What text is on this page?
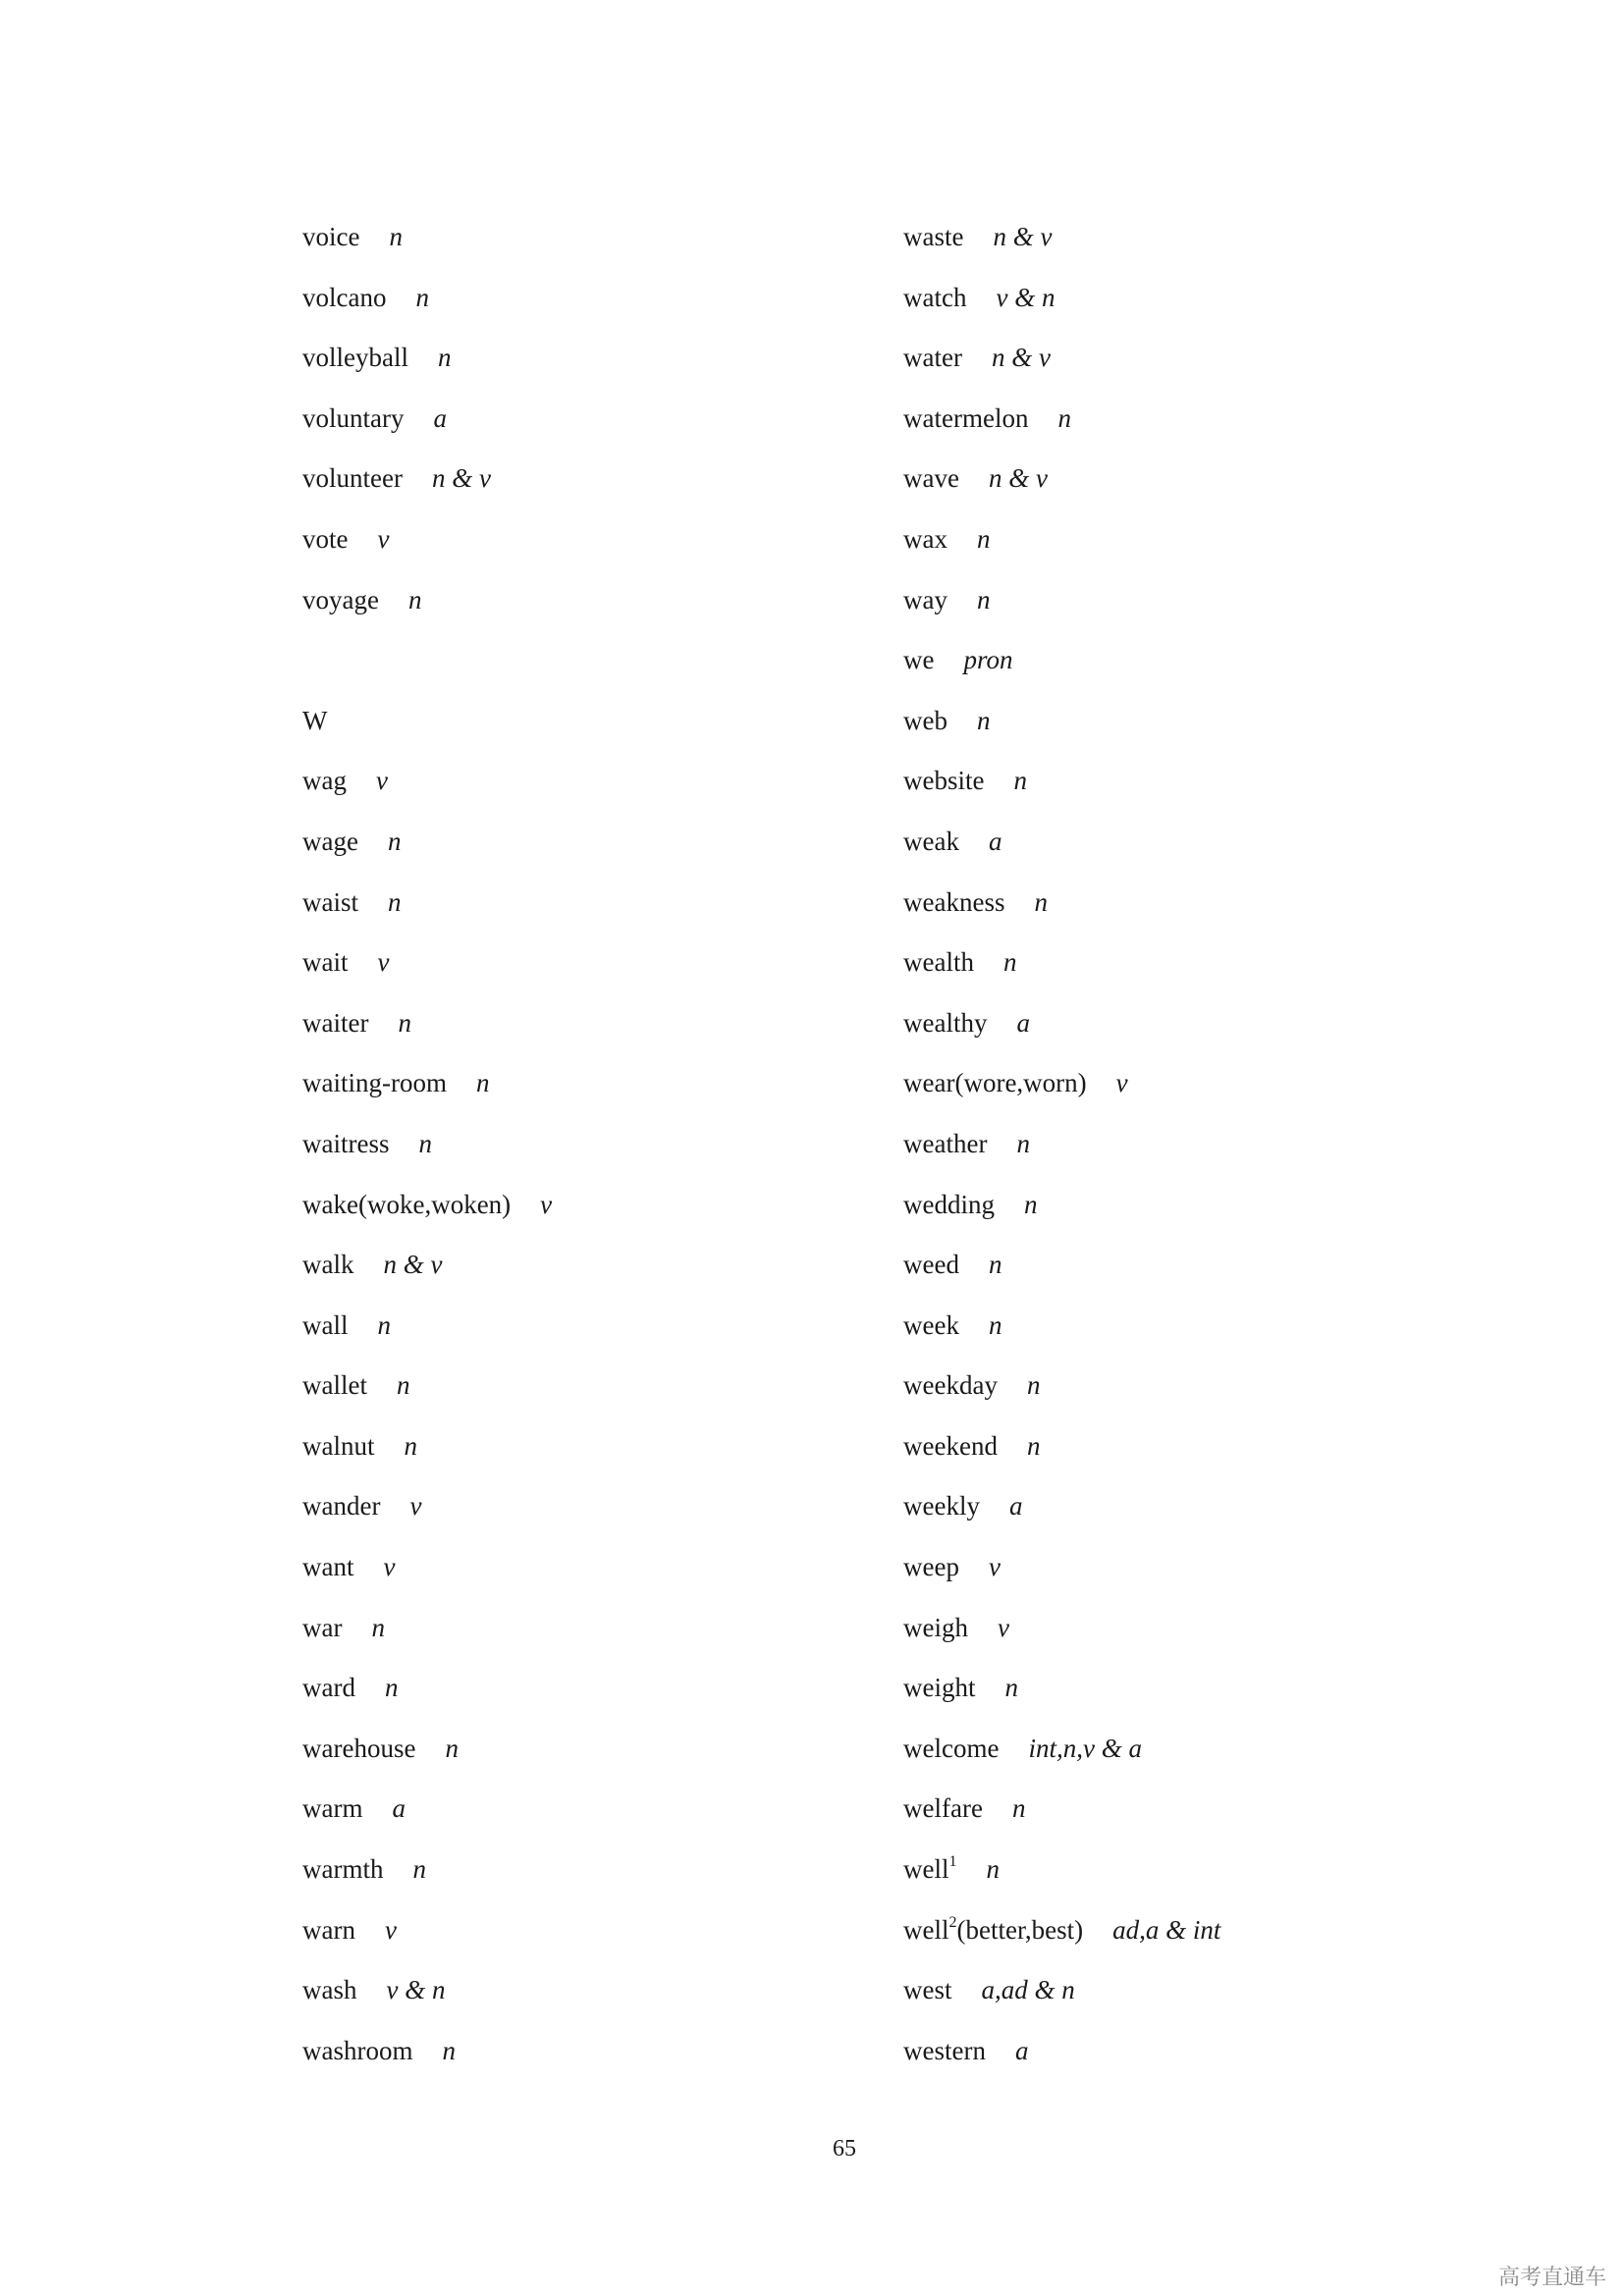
voice n
volcano n
volleyball n
voluntary a
volunteer n & v
vote v
voyage n
W
wag v
wage n
waist n
wait v
waiter n
waiting-room n
waitress n
wake(woke,woken) v
walk n & v
wall n
wallet n
walnut n
wander v
want v
war n
ward n
warehouse n
warm a
warmth n
warn v
wash v & n
washroom n
waste n & v
watch v & n
water n & v
watermelon n
wave n & v
wax n
way n
we pron
web n
website n
weak a
weakness n
wealth n
wealthy a
wear(wore,worn) v
weather n
wedding n
weed n
week n
weekday n
weekend n
weekly a
weep v
weigh v
weight n
welcome int,n,v & a
welfare n
well$^1$ n
well$^2$(better,best) ad,a & int
west a,ad & n
western a
65
高考直通车
